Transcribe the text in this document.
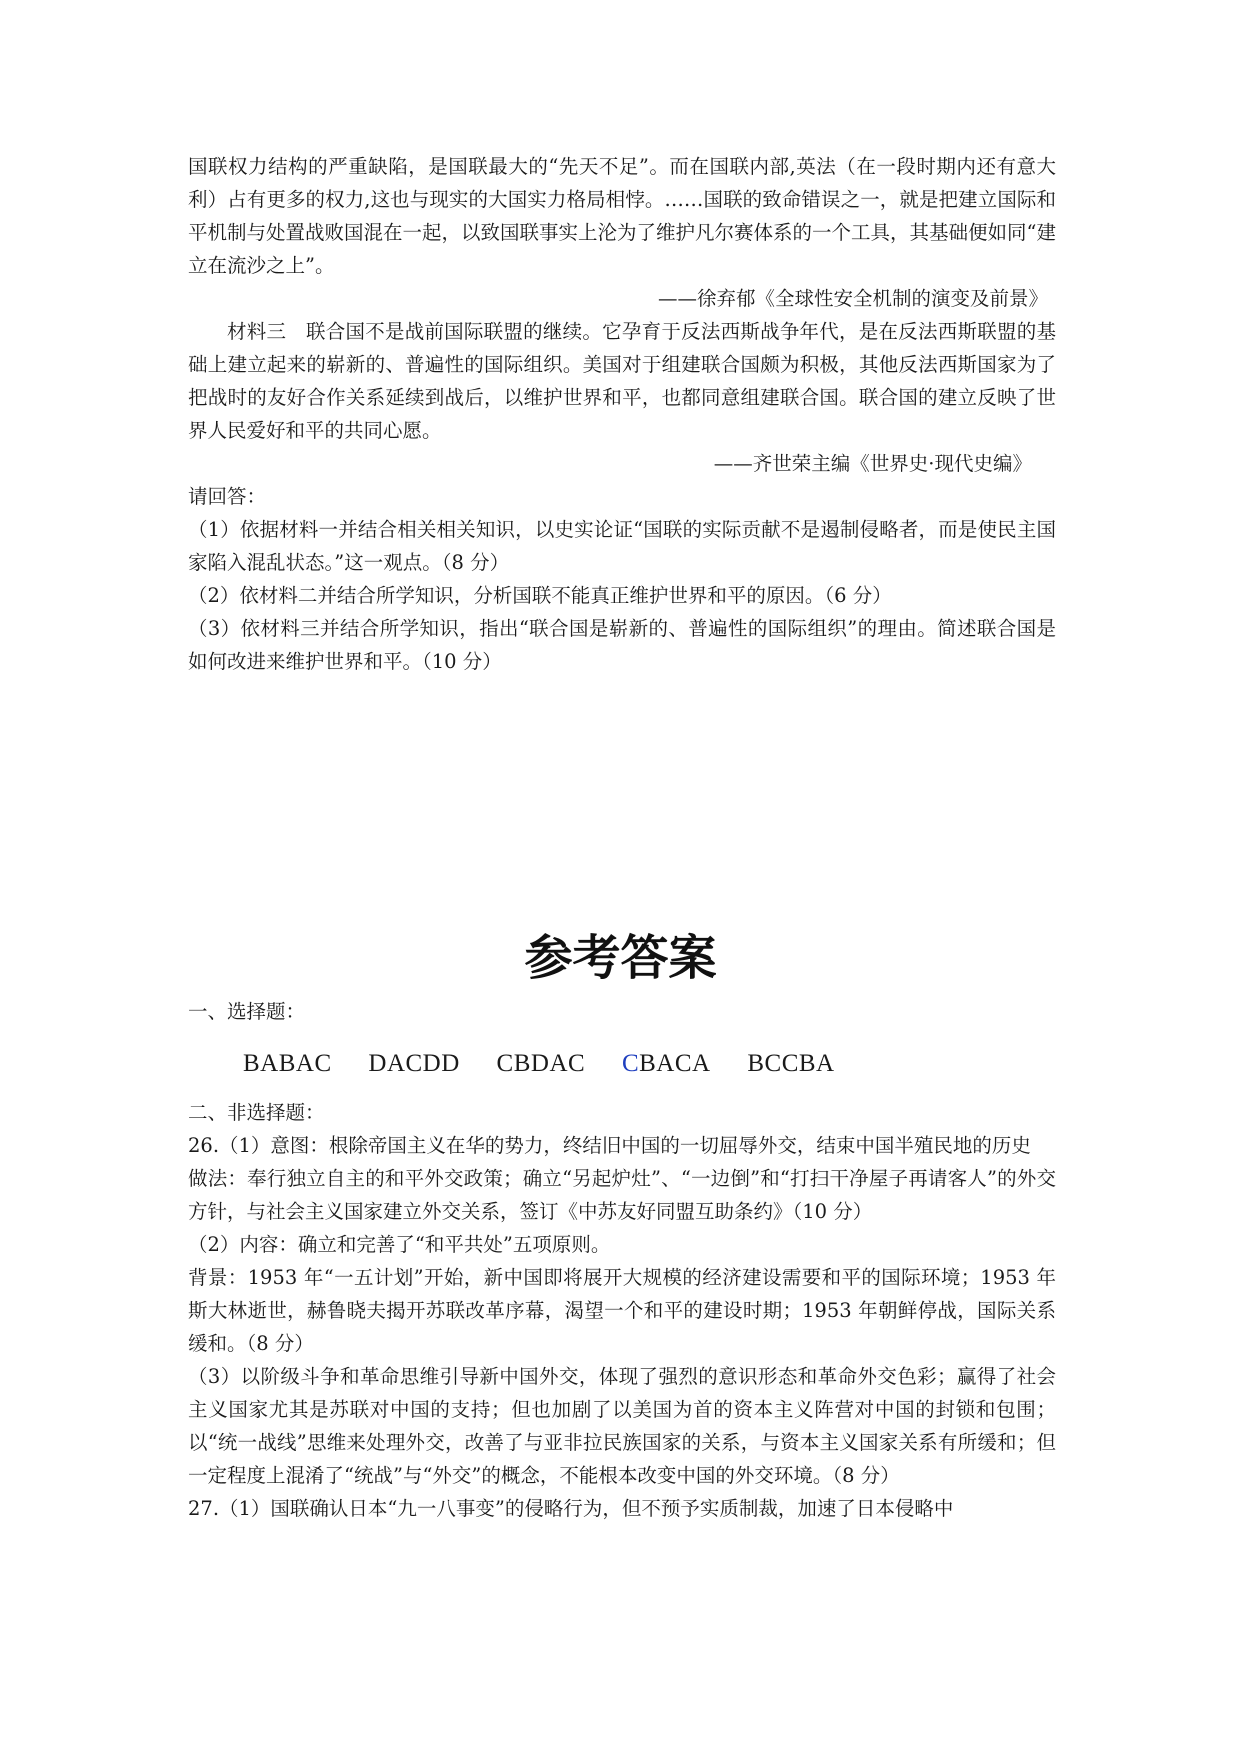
国联权力结构的严重缺陷，是国联最大的“先天不足”。而在国联内部,英法（在一段时期内还有意大利）占有更多的权力,这也与现实的大国实力格局相悖。……国联的致命错误之一，就是把建立国际和平机制与处置战败国混在一起，以致国联事实上沦为了维护凡尔赛体系的一个工具，其基础便如同“建立在流沙之上”。

——徐弃郁《全球性安全机制的演变及前景》

材料三　联合国不是战前国际联盟的继续。它孕育于反法西斯战争年代，是在反法西斯联盟的基础上建立起来的崭新的、普遍性的国际组织。美国对于组建联合国颇为积极，其他反法西斯国家为了把战时的友好合作关系延续到战后，以维护世界和平，也都同意组建联合国。联合国的建立反映了世界人民爱好和平的共同心愿。

——齐世荣主编《世界史·现代史编》

请回答：

（1）依据材料一并结合相关相关知识，以史实论证“国联的实际贡献不是遏制侵略者，而是使民主国家陷入混乱状态。”这一观点。（8 分）

（2）依材料二并结合所学知识，分析国联不能真正维护世界和平的原因。（6 分）

（3）依材料三并结合所学知识，指出“联合国是崭新的、普遍性的国际组织”的理由。简述联合国是如何改进来维护世界和平。（10 分）

参考答案

一、选择题：

BABAC DACDD CBDAC CBACA BCCBA

二、非选择题：

26.（1）意图：根除帝国主义在华的势力，终结旧中国的一切屈辱外交，结束中国半殖民地的历史

做法：奉行独立自主的和平外交政策；确立“另起炉灶”、“一边倒”和“打扫干净屋子再请客人”的外交方针，与社会主义国家建立外交关系，签订《中苏友好同盟互助条约》（10 分）

（2）内容：确立和完善了“和平共处”五项原则。

背景：1953 年“一五计划”开始，新中国即将展开大规模的经济建设需要和平的国际环境；1953 年斯大林逝世，赫鲁晓夫揭开苏联改革序幕，渴望一个和平的建设时期；1953 年朝鲜停战，国际关系缓和。（8 分）

（3）以阶级斗争和革命思维引导新中国外交，体现了强烈的意识形态和革命外交色彩；赢得了社会主义国家尤其是苏联对中国的支持；但也加剧了以美国为首的资本主义阵营对中国的封锁和包围；以“统一战线”思维来处理外交，改善了与亚非拉民族国家的关系，与资本主义国家关系有所缓和；但一定程度上混淆了“统战”与“外交”的概念，不能根本改变中国的外交环境。（8 分）

27.（1）国联确认日本“九一八事变”的侵略行为，但不预予实质制裁，加速了日本侵略中
